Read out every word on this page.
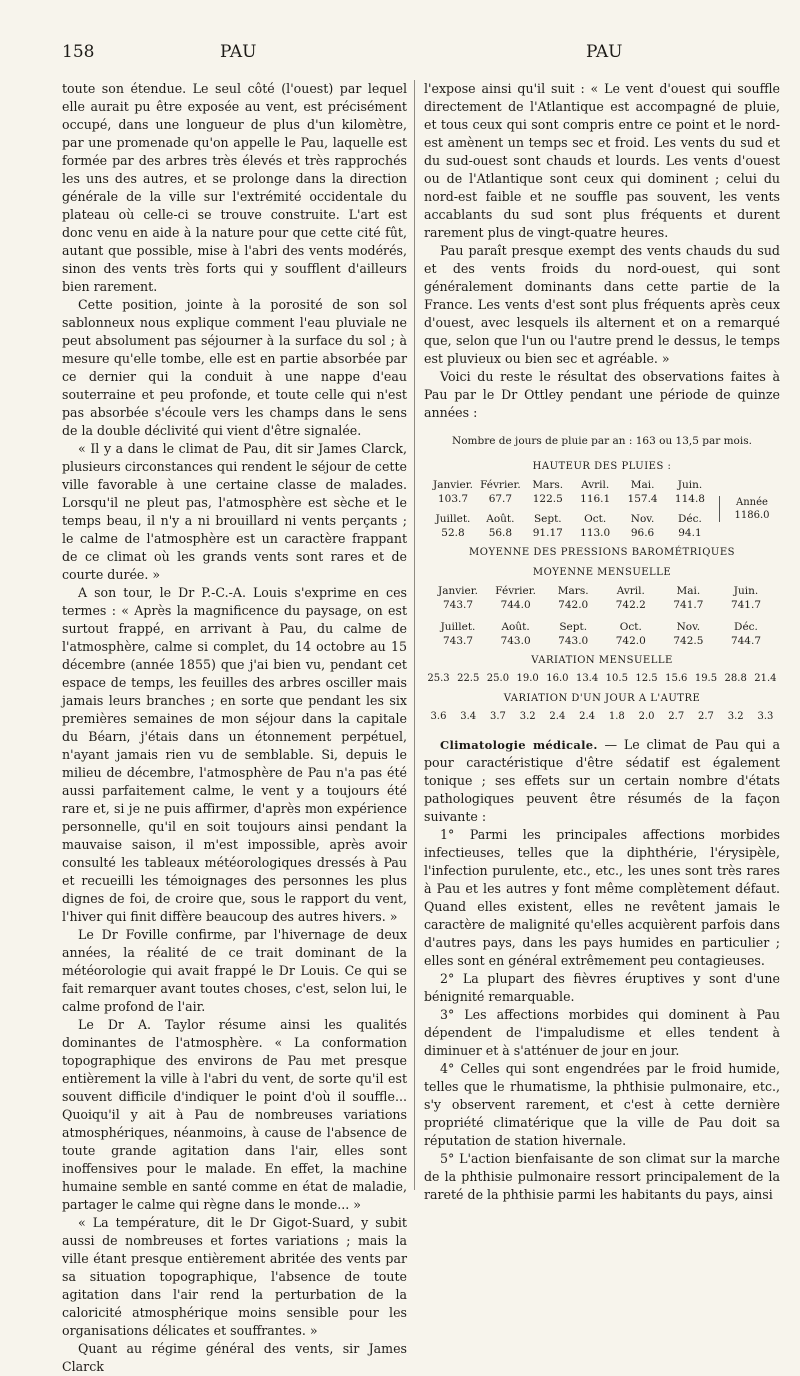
158	PAU	PAU

toute son étendue. Le seul côté (l'ouest) par lequel elle aurait pu être exposée au vent, est précisément occupé, dans une longueur de plus d'un kilomètre, par une promenade qu'on appelle le Pau, laquelle est formée par des arbres très élevés et très rapprochés les uns des autres, et se prolonge dans la direction générale de la ville sur l'extrémité occidentale du plateau où celle-ci se trouve construite. L'art est donc venu en aide à la nature pour que cette cité fût, autant que possible, mise à l'abri des vents modérés, sinon des vents très forts qui y soufflent d'ailleurs bien rarement.

Cette position, jointe à la porosité de son sol sablonneux nous explique comment l'eau pluviale ne peut absolument pas séjourner à la surface du sol ; à mesure qu'elle tombe, elle est en partie absorbée par ce dernier qui la conduit à une nappe d'eau souterraine et peu profonde, et toute celle qui n'est pas absorbée s'écoule vers les champs dans le sens de la double déclivité qui vient d'être signalée.

« Il y a dans le climat de Pau, dit sir James Clarck, plusieurs circonstances qui rendent le séjour de cette ville favorable à une certaine classe de malades. Lorsqu'il ne pleut pas, l'atmosphère est sèche et le temps beau, il n'y a ni brouillard ni vents perçants ; le calme de l'atmosphère est un caractère frappant de ce climat où les grands vents sont rares et de courte durée. »

A son tour, le Dr P.-C.-A. Louis s'exprime en ces termes : « Après la magnificence du paysage, on est surtout frappé, en arrivant à Pau, du calme de l'atmosphère, calme si complet, du 14 octobre au 15 décembre (année 1855) que j'ai bien vu, pendant cet espace de temps, les feuilles des arbres osciller mais jamais leurs branches ; en sorte que pendant les six premières semaines de mon séjour dans la capitale du Béarn, j'étais dans un étonnement perpétuel, n'ayant jamais rien vu de semblable. Si, depuis le milieu de décembre, l'atmosphère de Pau n'a pas été aussi parfaitement calme, le vent y a toujours été rare et, si je ne puis affirmer, d'après mon expérience personnelle, qu'il en soit toujours ainsi pendant la mauvaise saison, il m'est impossible, après avoir consulté les tableaux météorologiques dressés à Pau et recueilli les témoignages des personnes les plus dignes de foi, de croire que, sous le rapport du vent, l'hiver qui finit diffère beaucoup des autres hivers. »

Le Dr Foville confirme, par l'hivernage de deux années, la réalité de ce trait dominant de la météorologie qui avait frappé le Dr Louis. Ce qui se fait remarquer avant toutes choses, c'est, selon lui, le calme profond de l'air.

Le Dr A. Taylor résume ainsi les qualités dominantes de l'atmosphère. « La conformation topographique des environs de Pau met presque entièrement la ville à l'abri du vent, de sorte qu'il est souvent difficile d'indiquer le point d'où il souffle... Quoiqu'il y ait à Pau de nombreuses variations atmosphériques, néanmoins, à cause de l'absence de toute grande agitation dans l'air, elles sont inoffensives pour le malade. En effet, la machine humaine semble en santé comme en état de maladie, partager le calme qui règne dans le monde... »

« La température, dit le Dr Gigot-Suard, y subit aussi de nombreuses et fortes variations ; mais la ville étant presque entièrement abritée des vents par sa situation topographique, l'absence de toute agitation dans l'air rend la perturbation de la caloricité atmosphérique moins sensible pour les organisations délicates et souffrantes. »

Quant au régime général des vents, sir James Clarck

l'expose ainsi qu'il suit : « Le vent d'ouest qui souffle directement de l'Atlantique est accompagné de pluie, et tous ceux qui sont compris entre ce point et le nord-est amènent un temps sec et froid. Les vents du sud et du sud-ouest sont chauds et lourds. Les vents d'ouest ou de l'Atlantique sont ceux qui dominent ; celui du nord-est faible et ne souffle pas souvent, les vents accablants du sud sont plus fréquents et durent rarement plus de vingt-quatre heures.

Pau paraît presque exempt des vents chauds du sud et des vents froids du nord-ouest, qui sont généralement dominants dans cette partie de la France. Les vents d'est sont plus fréquents après ceux d'ouest, avec lesquels ils alternent et on a remarqué que, selon que l'un ou l'autre prend le dessus, le temps est pluvieux ou bien sec et agréable. »

Voici du reste le résultat des observations faites à Pau par le Dr Ottley pendant une période de quinze années :

Nombre de jours de pluie par an : 163 ou 13,5 par mois.
HAUTEUR DES PLUIES :
Janvier. Février.	Mars.	Avril.	Mai.	Juin.
103.7	67.7	122.5	116.1	157.4	114.8
Juillet.	Août.	Sept.	Oct.	Nov.	Déc.
52.8	56.8	91.17	113.0	96.6	94.1
Année
1186.0
MOYENNE DES PRESSIONS BAROMÉTRIQUES
MOYENNE MENSUELLE
Janvier.	Février.	Mars.	Avril.	Mai.	Juin.
743.7	744.0	742.0	742.2	741.7	741.7
Juillet.	Août.	Sept.	Oct.	Nov.	Déc.
743.7	743.0	743.0	742.0	742.5	744.7
VARIATION MENSUELLE
25.3 22.5 25.0 19.0 16.0 13.4 10.5 12.5 15.6 19.5 28.8 21.4
VARIATION D'UN JOUR A L'AUTRE
3.6	3.4	3.7	3.2	2.4	2.4	1.8	2.0	2.7	2.7	3.2	3.3

Climatologie médicale. — Le climat de Pau qui a pour caractéristique d'être sédatif est également tonique ; ses effets sur un certain nombre d'états pathologiques peuvent être résumés de la façon suivante :

1° Parmi les principales affections morbides infectieuses, telles que la diphthérie, l'érysipèle, l'infection purulente, etc., etc., les unes sont très rares à Pau et les autres y font même complètement défaut. Quand elles existent, elles ne revêtent jamais le caractère de malignité qu'elles acquièrent parfois dans d'autres pays, dans les pays humides en particulier ; elles sont en général extrêmement peu contagieuses.

2° La plupart des fièvres éruptives y sont d'une bénignité remarquable.

3° Les affections morbides qui dominent à Pau dépendent de l'impaludisme et elles tendent à diminuer et à s'atténuer de jour en jour.

4° Celles qui sont engendrées par le froid humide, telles que le rhumatisme, la phthisie pulmonaire, etc., s'y observent rarement, et c'est à cette dernière propriété climatérique que la ville de Pau doit sa réputation de station hivernale.

5° L'action bienfaisante de son climat sur la marche de la phthisie pulmonaire ressort principalement de la rareté de la phthisie parmi les habitants du pays, ainsi
